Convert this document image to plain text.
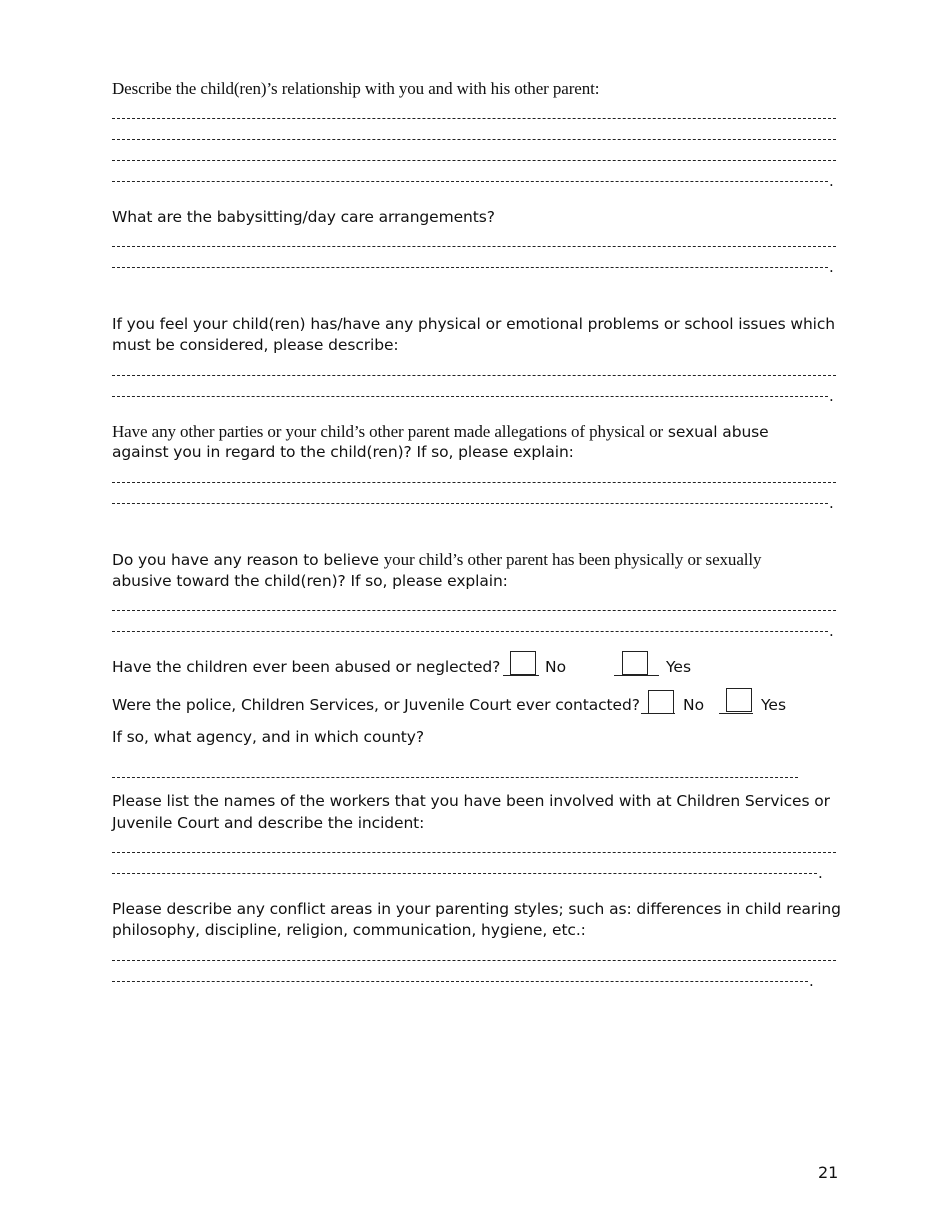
Describe the child(ren)’s relationship with you and with his other parent:
.
What are the babysitting/day care arrangements?
.
If you feel your child(ren) has/have any physical or emotional problems or school issues which
must be considered, please describe:
.
Have any other parties or your child’s other parent made allegations of physical or sexual abuse
against you in regard to the child(ren)? If so, please explain:
.
Do you have any reason to believe your child’s other parent has been physically or sexually
abusive toward the child(ren)? If so, please explain:
.
Have the children ever been abused or neglected?	No	Yes
Were the police, Children Services, or Juvenile Court ever contacted?	No	Yes
If so, what agency, and in which county?
Please list the names of the workers that you have been involved with at Children Services or
Juvenile Court and describe the incident:
.
Please describe any conflict areas in your parenting styles; such as: differences in child rearing
philosophy, discipline, religion, communication, hygiene, etc.:
.
21
